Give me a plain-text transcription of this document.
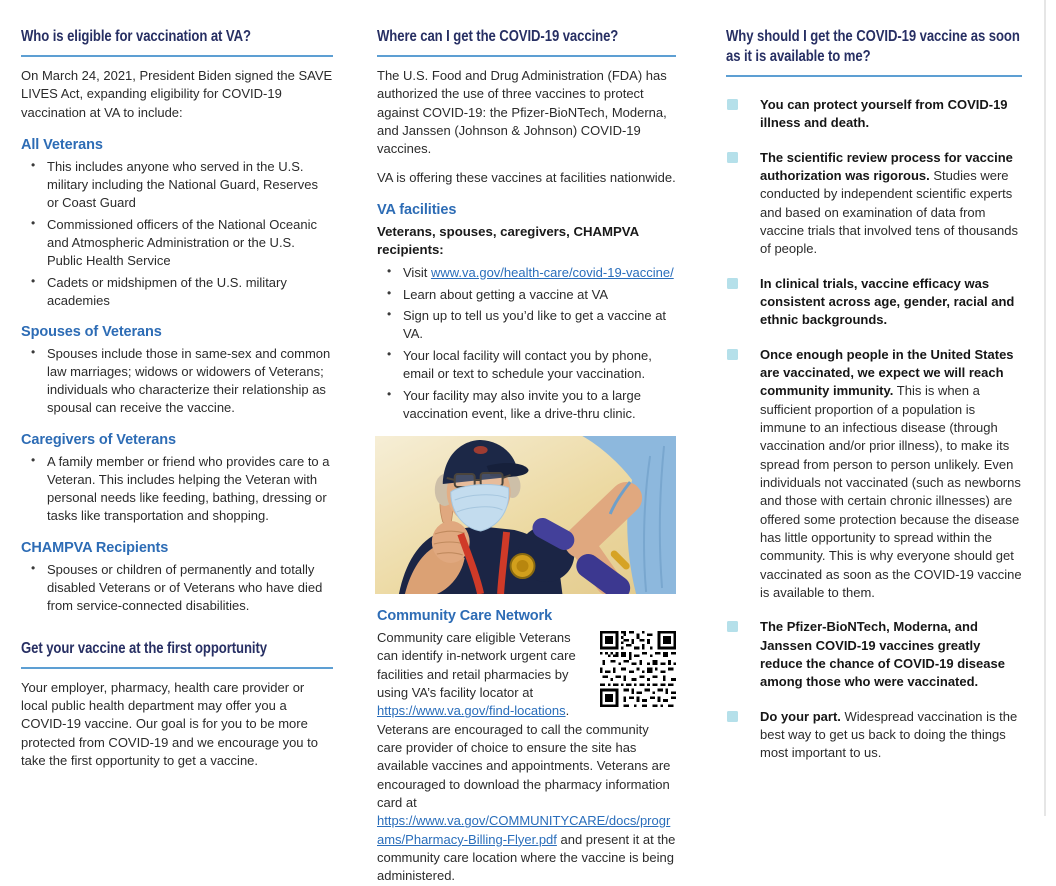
Who is eligible for vaccination at VA?

On March 24, 2021, President Biden signed the SAVE LIVES Act, expanding eligibility for COVID-19 vaccination at VA to include:

All Veterans
• This includes anyone who served in the U.S. military including the National Guard, Reserves or Coast Guard
• Commissioned officers of the National Oceanic and Atmospheric Administration or the U.S. Public Health Service
• Cadets or midshipmen of the U.S. military academies
Spouses of Veterans
• Spouses include those in same-sex and common law marriages; widows or widowers of Veterans; individuals who characterize their relationship as spousal can receive the vaccine.
Caregivers of Veterans
• A family member or friend who provides care to a Veteran. This includes helping the Veteran with personal needs like feeding, bathing, dressing or tasks like transportation and shopping.
CHAMPVA Recipients
• Spouses or children of permanently and totally disabled Veterans or of Veterans who have died from service-connected disabilities.
Get your vaccine at the first opportunity

Your employer, pharmacy, health care provider or local public health department may offer you a COVID-19 vaccine. Our goal is for you to be more protected from COVID-19 and we encourage you to take the first opportunity to get a vaccine.

Where can I get the COVID-19 vaccine?

The U.S. Food and Drug Administration (FDA) has authorized the use of three vaccines to protect against COVID-19: the Pfizer-BioNTech, Moderna, and Janssen (Johnson & Johnson) COVID-19 vaccines.

VA is offering these vaccines at facilities nationwide.

VA facilities
Veterans, spouses, caregivers, CHAMPVA recipients:
• Visit www.va.gov/health-care/covid-19-vaccine/
• Learn about getting a vaccine at VA
• Sign up to tell us you’d like to get a vaccine at VA.
• Your local facility will contact you by phone, email or text to schedule your vaccination.
• Your facility may also invite you to a large vaccination event, like a drive-thru clinic.
Community Care Network
Community care eligible Veterans can identify in-network urgent care facilities and retail pharmacies by using VA’s facility locator at https://www.va.gov/find-locations. Veterans are encouraged to call the community care provider of choice to ensure the site has available vaccines and appointments. Veterans are encouraged to download the pharmacy information card at https://www.va.gov/COMMUNITYCARE/docs/programs/Pharmacy-Billing-Flyer.pdf and present it at the community care location where the vaccine is being administered.
Why should I get the COVID-19 vaccine as soon as it is available to me?
You can protect yourself from COVID-19 illness and death.
The scientific review process for vaccine authorization was rigorous. Studies were conducted by independent scientific experts and based on examination of data from vaccine trials that involved tens of thousands of people.
In clinical trials, vaccine efficacy was consistent across age, gender, racial and ethnic backgrounds.
Once enough people in the United States are vaccinated, we expect we will reach community immunity. This is when a sufficient proportion of a population is immune to an infectious disease (through vaccination and/or prior illness), to make its spread from person to person unlikely. Even individuals not vaccinated (such as newborns and those with certain chronic illnesses) are offered some protection because the disease has little opportunity to spread within the community. This is why everyone should get vaccinated as soon as the COVID-19 vaccine is available to them.
The Pfizer-BioNTech, Moderna, and Janssen COVID-19 vaccines greatly reduce the chance of COVID-19 disease among those who were vaccinated.
Do your part. Widespread vaccination is the best way to get us back to doing the things most important to us.
